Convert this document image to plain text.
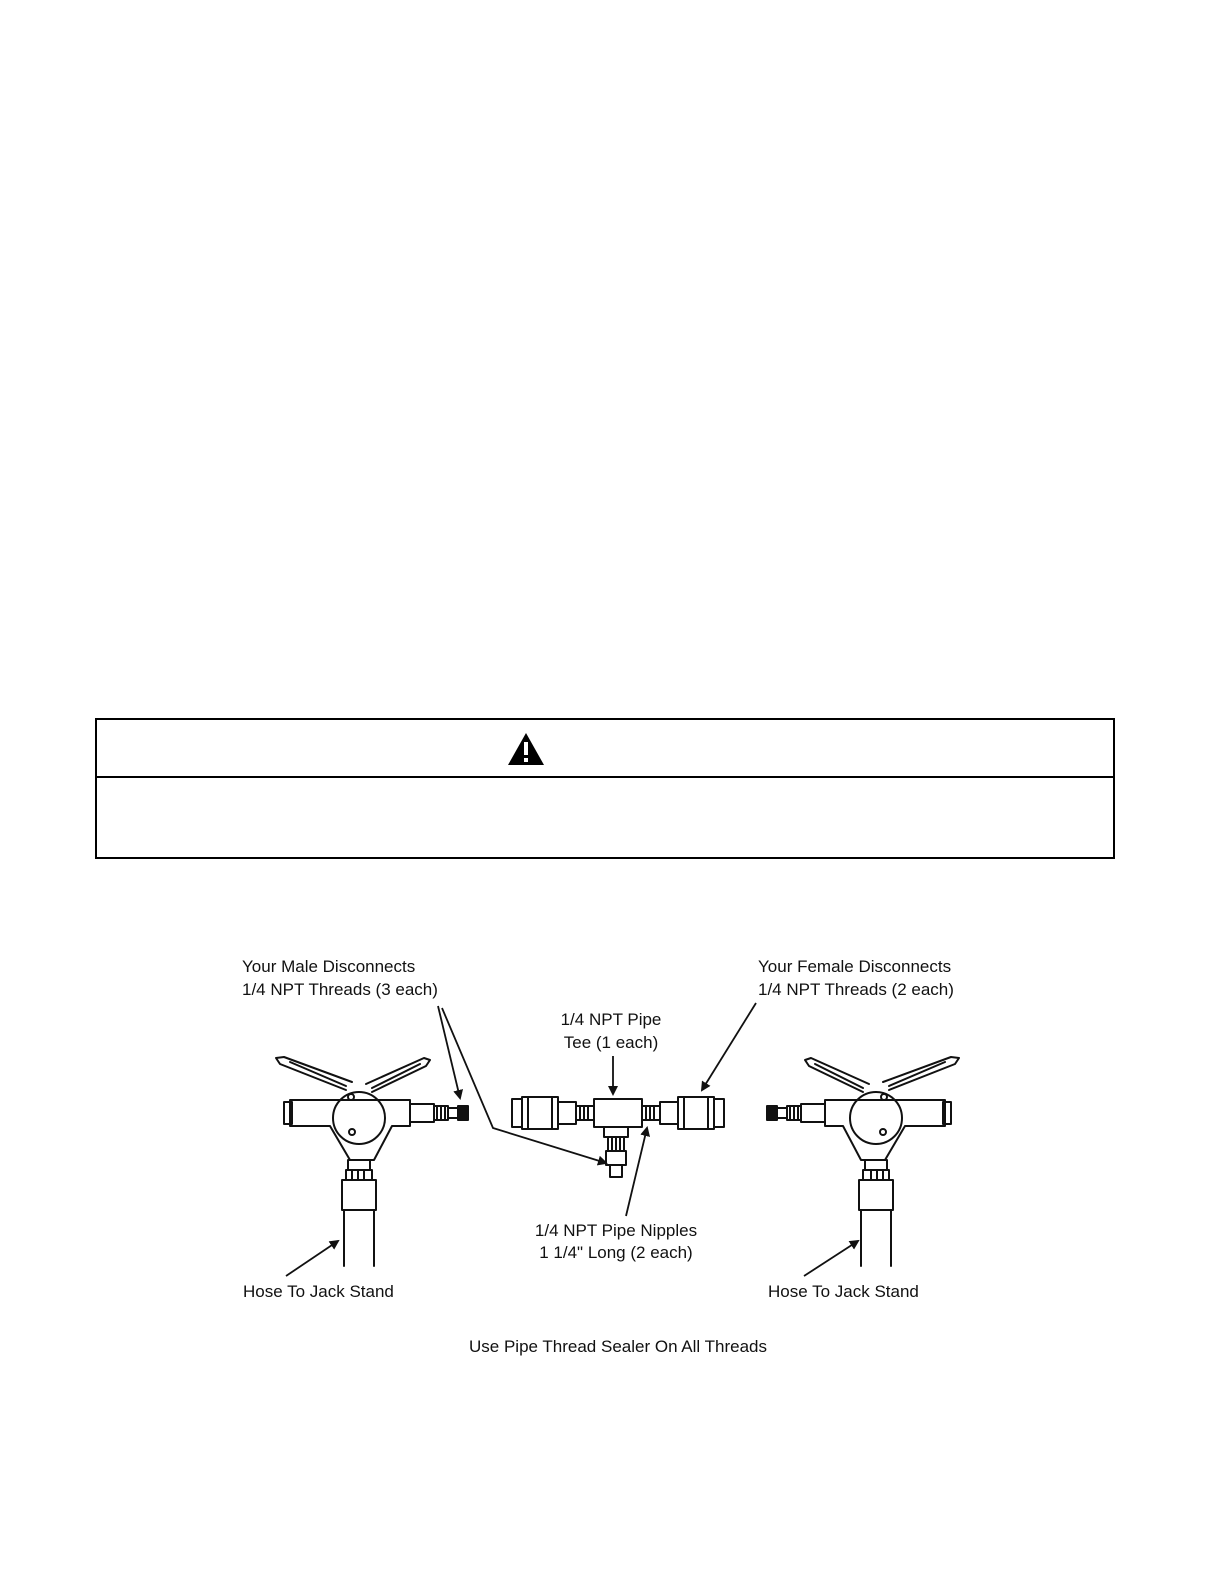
Your Male Disconnects
1/4 NPT Threads (3 each)
Your Female Disconnects
1/4 NPT Threads (2 each)
1/4 NPT Pipe
Tee (1 each)
1/4 NPT Pipe Nipples
1 1/4" Long (2 each)
Hose To Jack Stand	Hose To Jack Stand
Use Pipe Thread Sealer On All Threads
